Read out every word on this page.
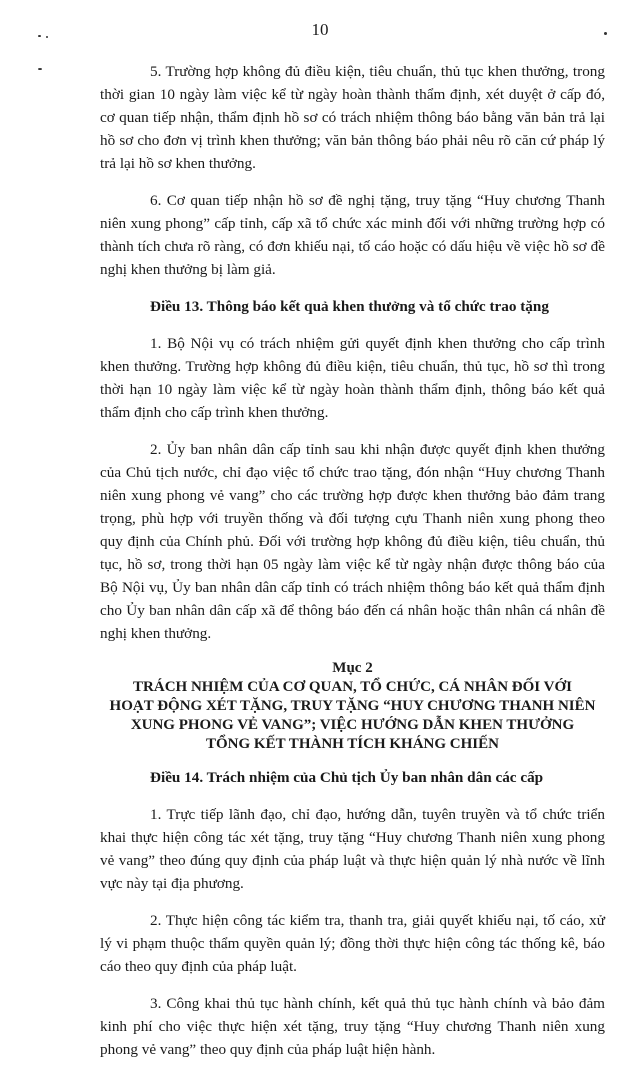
10

5. Trường hợp không đủ điều kiện, tiêu chuẩn, thủ tục khen thưởng, trong thời gian 10 ngày làm việc kể từ ngày hoàn thành thẩm định, xét duyệt ở cấp đó, cơ quan tiếp nhận, thẩm định hồ sơ có trách nhiệm thông báo bằng văn bản trả lại hồ sơ cho đơn vị trình khen thưởng; văn bản thông báo phải nêu rõ căn cứ pháp lý trả lại hồ sơ khen thưởng.

6. Cơ quan tiếp nhận hồ sơ đề nghị tặng, truy tặng “Huy chương Thanh niên xung phong” cấp tỉnh, cấp xã tổ chức xác minh đối với những trường hợp có thành tích chưa rõ ràng, có đơn khiếu nại, tố cáo hoặc có dấu hiệu về việc hồ sơ đề nghị khen thưởng bị làm giả.

Điều 13. Thông báo kết quả khen thưởng và tổ chức trao tặng

1. Bộ Nội vụ có trách nhiệm gửi quyết định khen thưởng cho cấp trình khen thưởng. Trường hợp không đủ điều kiện, tiêu chuẩn, thủ tục, hồ sơ thì trong thời hạn 10 ngày làm việc kể từ ngày hoàn thành thẩm định, thông báo kết quả thẩm định cho cấp trình khen thưởng.

2. Ủy ban nhân dân cấp tỉnh sau khi nhận được quyết định khen thưởng của Chủ tịch nước, chỉ đạo việc tổ chức trao tặng, đón nhận “Huy chương Thanh niên xung phong vẻ vang” cho các trường hợp được khen thưởng bảo đảm trang trọng, phù hợp với truyền thống và đối tượng cựu Thanh niên xung phong theo quy định của Chính phủ. Đối với trường hợp không đủ điều kiện, tiêu chuẩn, thủ tục, hồ sơ, trong thời hạn 05 ngày làm việc kể từ ngày nhận được thông báo của Bộ Nội vụ, Ủy ban nhân dân cấp tỉnh có trách nhiệm thông báo kết quả thẩm định cho Ủy ban nhân dân cấp xã để thông báo đến cá nhân hoặc thân nhân cá nhân đề nghị khen thưởng.

Mục 2
TRÁCH NHIỆM CỦA CƠ QUAN, TỔ CHỨC, CÁ NHÂN ĐỐI VỚI
HOẠT ĐỘNG XÉT TẶNG, TRUY TẶNG “HUY CHƯƠNG THANH NIÊN
XUNG PHONG VẺ VANG”; VIỆC HƯỚNG DẪN KHEN THƯỞNG
TỔNG KẾT THÀNH TÍCH KHÁNG CHIẾN

Điều 14. Trách nhiệm của Chủ tịch Ủy ban nhân dân các cấp

1. Trực tiếp lãnh đạo, chỉ đạo, hướng dẫn, tuyên truyền và tổ chức triển khai thực hiện công tác xét tặng, truy tặng “Huy chương Thanh niên xung phong vẻ vang” theo đúng quy định của pháp luật và thực hiện quản lý nhà nước về lĩnh vực này tại địa phương.

2. Thực hiện công tác kiểm tra, thanh tra, giải quyết khiếu nại, tố cáo, xử lý vi phạm thuộc thẩm quyền quản lý; đồng thời thực hiện công tác thống kê, báo cáo theo quy định của pháp luật.

3. Công khai thủ tục hành chính, kết quả thủ tục hành chính và bảo đảm kinh phí cho việc thực hiện xét tặng, truy tặng “Huy chương Thanh niên xung phong vẻ vang” theo quy định của pháp luật hiện hành.
